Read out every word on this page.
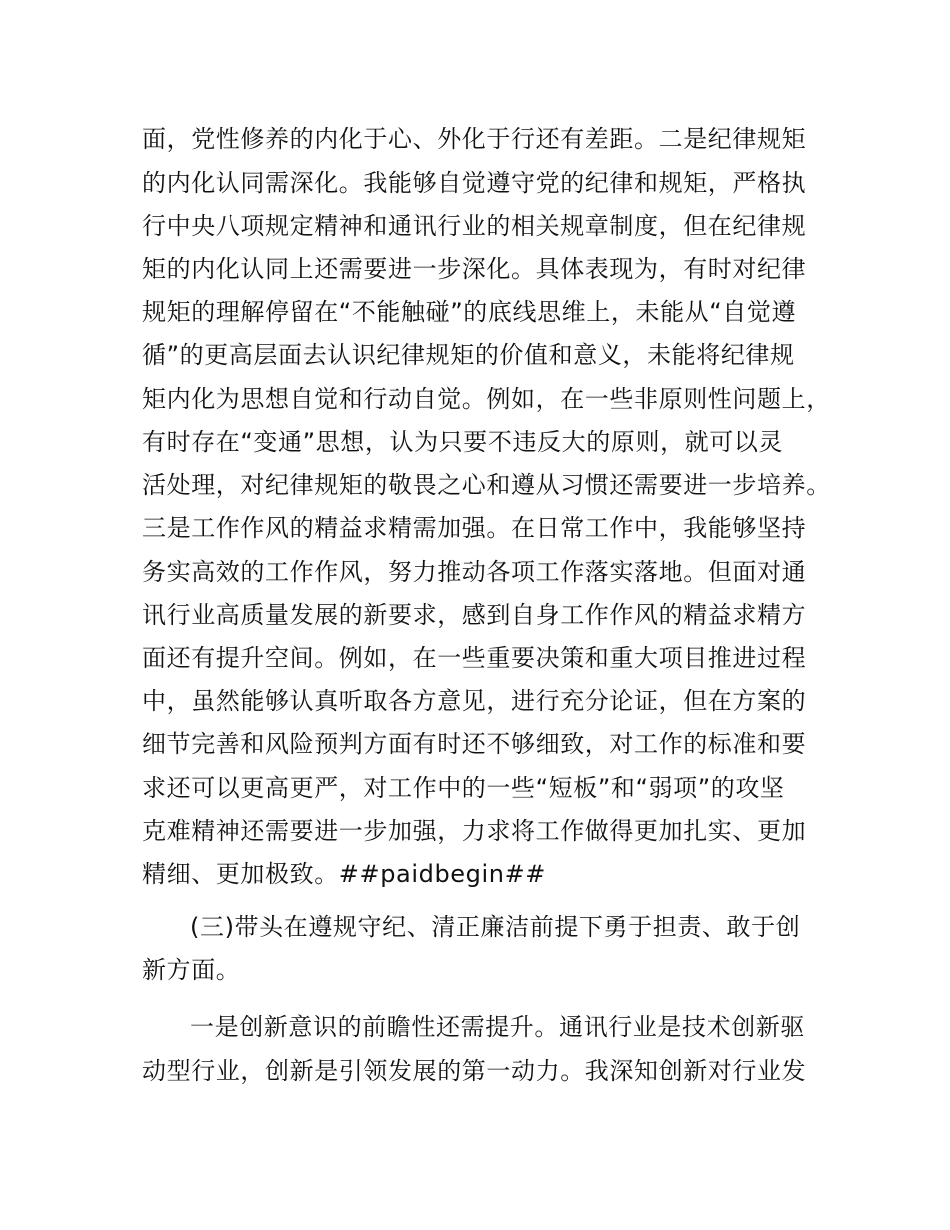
面，党性修养的内化于心、外化于行还有差距。二是纪律规矩
的内化认同需深化。我能够自觉遵守党的纪律和规矩，严格执
行中央八项规定精神和通讯行业的相关规章制度，但在纪律规
矩的内化认同上还需要进一步深化。具体表现为，有时对纪律
规矩的理解停留在“不能触碰”的底线思维上，未能从“自觉遵
循”的更高层面去认识纪律规矩的价值和意义，未能将纪律规
矩内化为思想自觉和行动自觉。例如，在一些非原则性问题上，
有时存在“变通”思想，认为只要不违反大的原则，就可以灵
活处理，对纪律规矩的敬畏之心和遵从习惯还需要进一步培养。
三是工作作风的精益求精需加强。在日常工作中，我能够坚持
务实高效的工作作风，努力推动各项工作落实落地。但面对通
讯行业高质量发展的新要求，感到自身工作作风的精益求精方
面还有提升空间。例如，在一些重要决策和重大项目推进过程
中，虽然能够认真听取各方意见，进行充分论证，但在方案的
细节完善和风险预判方面有时还不够细致，对工作的标准和要
求还可以更高更严，对工作中的一些“短板”和“弱项”的攻坚
克难精神还需要进一步加强，力求将工作做得更加扎实、更加
精细、更加极致。##paidbegin##
(三)带头在遵规守纪、清正廉洁前提下勇于担责、敢于创
新方面。
一是创新意识的前瞻性还需提升。通讯行业是技术创新驱
动型行业，创新是引领发展的第一动力。我深知创新对行业发
